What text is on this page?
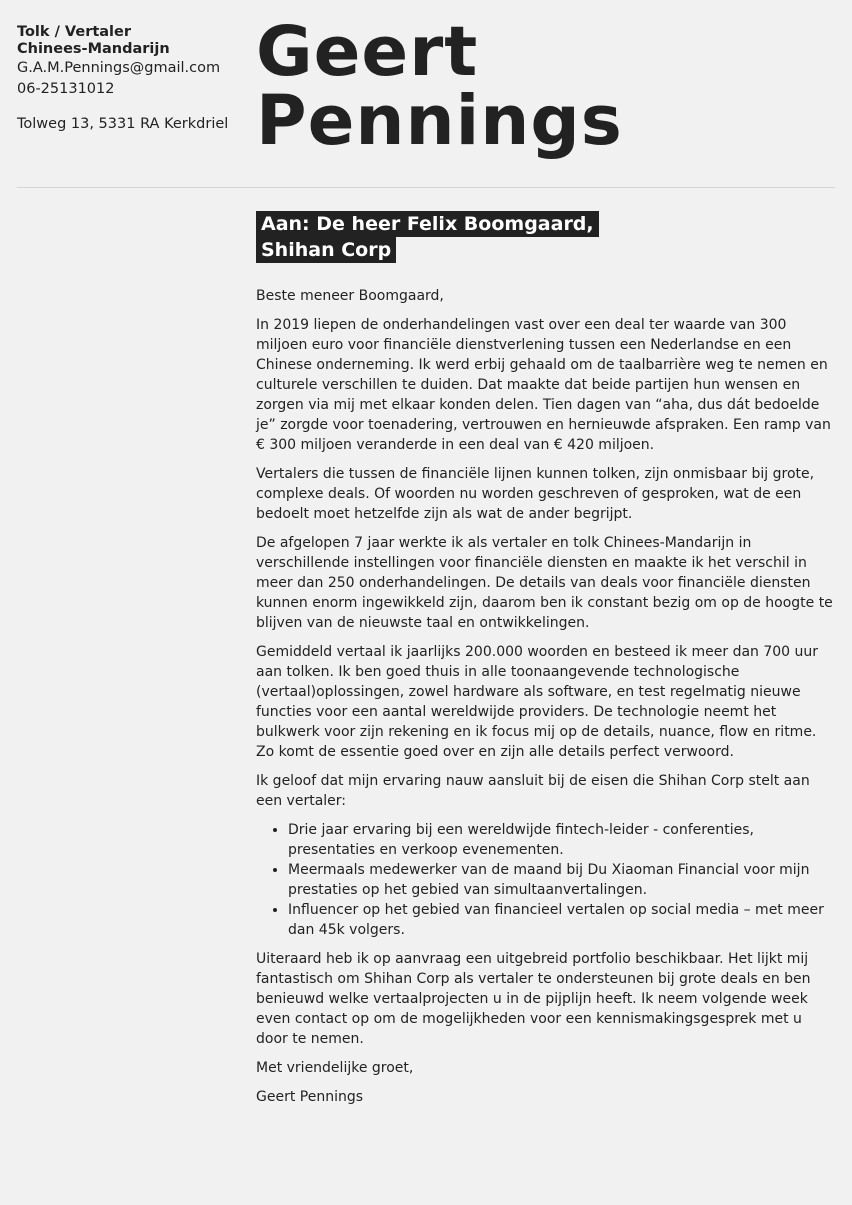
Tolk / Vertaler
Chinees-Mandarijn
G.A.M.Pennings@gmail.com
06-25131012
Tolweg 13, 5331 RA Kerkdriel
Geert
Pennings
Aan: De heer Felix Boomgaard,
Shihan Corp

Beste meneer Boomgaard,

In 2019 liepen de onderhandelingen vast over een deal ter waarde van 300 miljoen euro voor financiële dienstverlening tussen een Nederlandse en een Chinese onderneming. Ik werd erbij gehaald om de taalbarrière weg te nemen en culturele verschillen te duiden. Dat maakte dat beide partijen hun wensen en zorgen via mij met elkaar konden delen. Tien dagen van “aha, dus dát bedoelde je” zorgde voor toenadering, vertrouwen en hernieuwde afspraken. Een ramp van € 300 miljoen veranderde in een deal van € 420 miljoen.

Vertalers die tussen de financiële lijnen kunnen tolken, zijn onmisbaar bij grote, complexe deals. Of woorden nu worden geschreven of gesproken, wat de een bedoelt moet hetzelfde zijn als wat de ander begrijpt.

De afgelopen 7 jaar werkte ik als vertaler en tolk Chinees-Mandarijn in verschillende instellingen voor financiële diensten en maakte ik het verschil in meer dan 250 onderhandelingen. De details van deals voor financiële diensten kunnen enorm ingewikkeld zijn, daarom ben ik constant bezig om op de hoogte te blijven van de nieuwste taal en ontwikkelingen.

Gemiddeld vertaal ik jaarlijks 200.000 woorden en besteed ik meer dan 700 uur aan tolken. Ik ben goed thuis in alle toonaangevende technologische (vertaal)oplossingen, zowel hardware als software, en test regelmatig nieuwe functies voor een aantal wereldwijde providers. De technologie neemt het bulkwerk voor zijn rekening en ik focus mij op de details, nuance, flow en ritme. Zo komt de essentie goed over en zijn alle details perfect verwoord.

Ik geloof dat mijn ervaring nauw aansluit bij de eisen die Shihan Corp stelt aan een vertaler:

• Drie jaar ervaring bij een wereldwijde fintech-leider - conferenties, presentaties en verkoop evenementen.
• Meermaals medewerker van de maand bij Du Xiaoman Financial voor mijn prestaties op het gebied van simultaanvertalingen.
• Influencer op het gebied van financieel vertalen op social media – met meer dan 45k volgers.

Uiteraard heb ik op aanvraag een uitgebreid portfolio beschikbaar. Het lijkt mij fantastisch om Shihan Corp als vertaler te ondersteunen bij grote deals en ben benieuwd welke vertaalprojecten u in de pijplijn heeft. Ik neem volgende week even contact op om de mogelijkheden voor een kennismakingsgesprek met u door te nemen.

Met vriendelijke groet,

Geert Pennings
